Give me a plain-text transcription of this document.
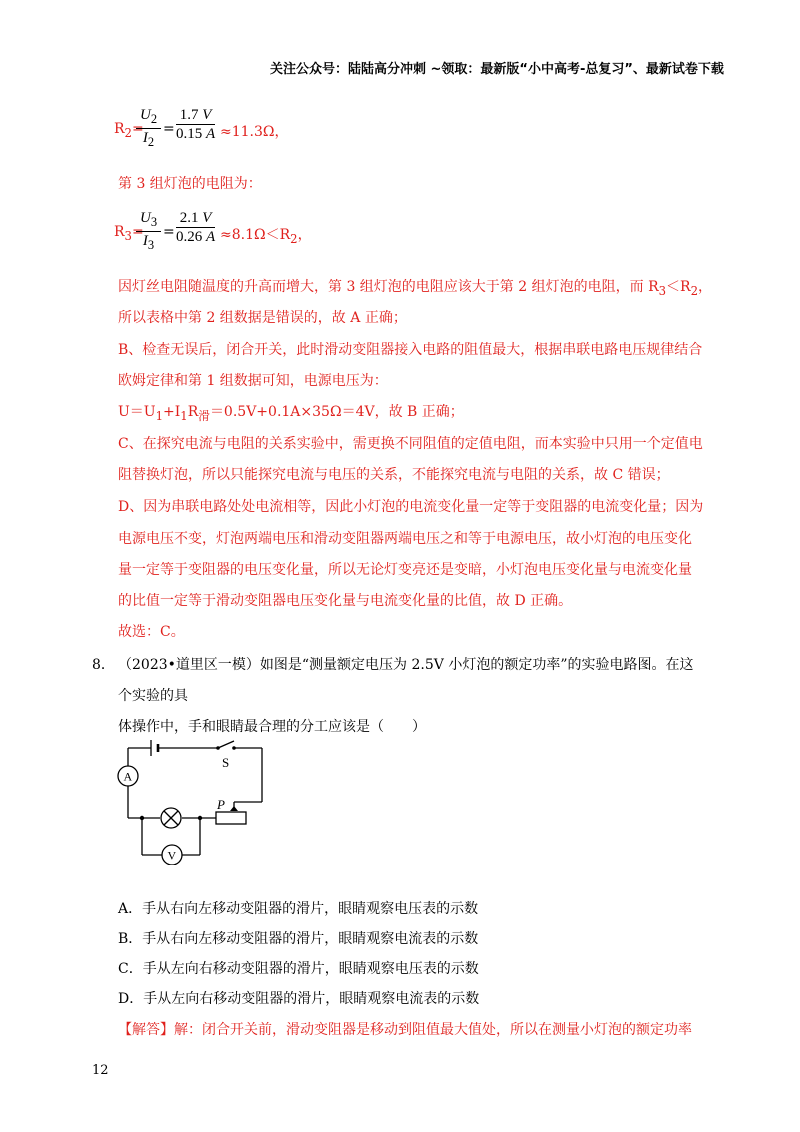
关注公众号：陆陆高分冲刺 ~领取：最新版“小中高考-总复习”、最新试卷下载
$R_2=$
$U_2$
$I_2$
=
1.7 V
0.15 A ≈11.3Ω，
第 3 组灯泡的电阻为：
$R_3=$
$U_3$
$I_3$
=
2.1 V
0.26 $A \approx 8.1\Omega<R_2$，
因灯丝电阻随温度的升高而增大，第 3 组灯泡的电阻应该大于第 2 组灯泡的电阻，而 $R_3<R_2$，
所以表格中第 2 组数据是错误的，故 A 正确；
B、检查无误后，闭合开关，此时滑动变阻器接入电路的阻值最大，根据串联电路电压规律结合
欧姆定律和第 1 组数据可知，电源电压为：
$U=U_1+I_1R_滑=0.5V+0.1A\times 35\Omega=4V$，故 B 正确；
C、在探究电流与电阻的关系实验中，需更换不同阻值的定值电阻，而本实验中只用一个定值电
阻替换灯泡，所以只能探究电流与电压的关系，不能探究电流与电阻的关系，故 C 错误；
D、因为串联电路处处电流相等，因此小灯泡的电流变化量一定等于变阻器的电流变化量；因为
电源电压不变，灯泡两端电压和滑动变阻器两端电压之和等于电源电压，故小灯泡的电压变化
量一定等于变阻器的电压变化量，所以无论灯变亮还是变暗，小灯泡电压变化量与电流变化量
的比值一定等于滑动变阻器电压变化量与电流变化量的比值，故 D 正确。
故选：C。
8． （2023•道里区一模）如图是“测量额定电压为 2.5V 小灯泡的额定功率”的实验电路图。在这
个实验的具
体操作中，手和眼睛最合理的分工应该是（　　）
S
A
V
P
A．手从右向左移动变阻器的滑片，眼睛观察电压表的示数
B．手从右向左移动变阻器的滑片，眼睛观察电流表的示数
C．手从左向右移动变阻器的滑片，眼睛观察电压表的示数
D．手从左向右移动变阻器的滑片，眼睛观察电流表的示数
【解答】解：闭合开关前，滑动变阻器是移动到阻值最大值处，所以在测量小灯泡的额定功率
12
